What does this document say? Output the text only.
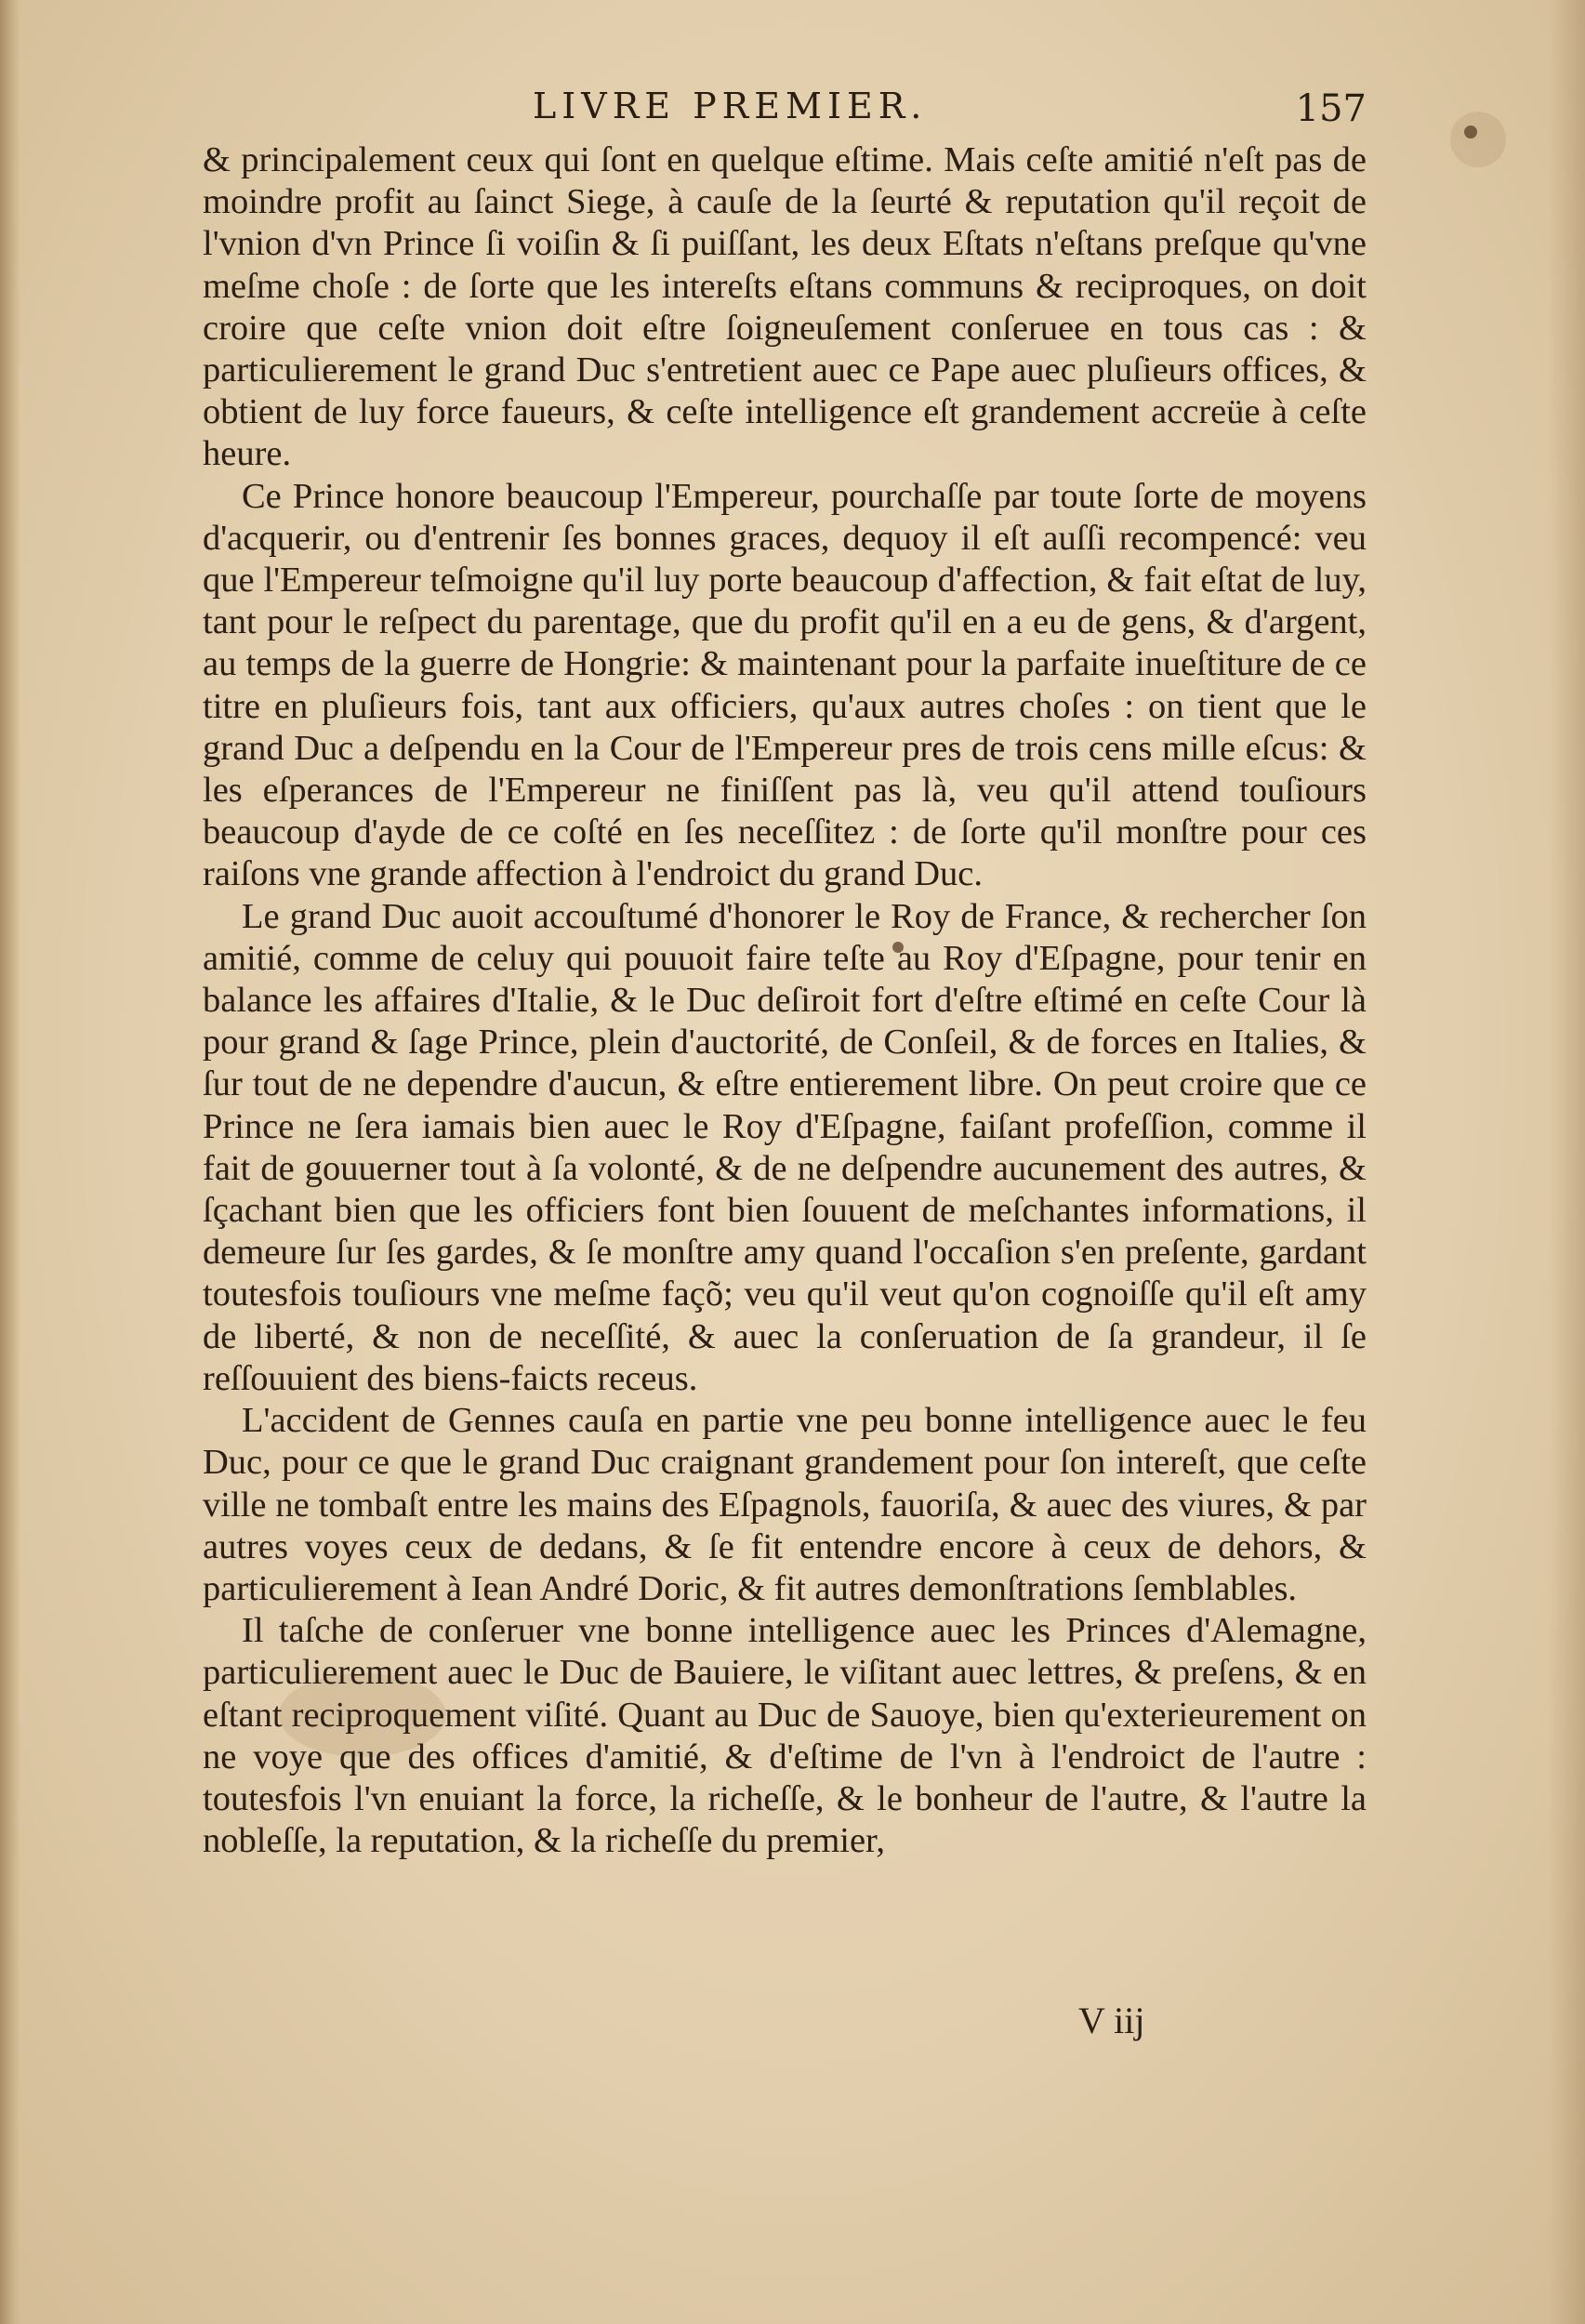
LIVRE PREMIER.	157

& principalement ceux qui ſont en quelque eſtime. Mais ceſte amitié n'eſt pas de moindre profit au ſainct Siege, à cauſe de la ſeurté & reputation qu'il reçoit de l'vnion d'vn Prince ſi voiſin & ſi puiſſant, les deux Eſtats n'eſtans preſque qu'vne meſme choſe : de ſorte que les intereſts eſtans communs & reciproques, on doit croire que ceſte vnion doit eſtre ſoigneuſement conſeruee en tous cas : & particulierement le grand Duc s'entretient auec ce Pape auec pluſieurs offices, & obtient de luy force faueurs, & ceſte intelligence eſt grandement accreüe à ceſte heure.

Ce Prince honore beaucoup l'Empereur, pourchaſſe par toute ſorte de moyens d'acquerir, ou d'entrenir ſes bonnes graces, dequoy il eſt auſſi recompencé: veu que l'Empereur teſmoigne qu'il luy porte beaucoup d'affection, & fait eſtat de luy, tant pour le reſpect du parentage, que du profit qu'il en a eu de gens, & d'argent, au temps de la guerre de Hongrie: & maintenant pour la parfaite inueſtiture de ce titre en pluſieurs fois, tant aux officiers, qu'aux autres choſes : on tient que le grand Duc a deſpendu en la Cour de l'Empereur pres de trois cens mille eſcus: & les eſperances de l'Empereur ne finiſſent pas là, veu qu'il attend touſiours beaucoup d'ayde de ce coſté en ſes neceſſitez : de ſorte qu'il monſtre pour ces raiſons vne grande affection à l'endroict du grand Duc.

Le grand Duc auoit accouſtumé d'honorer le Roy de France, & rechercher ſon amitié, comme de celuy qui pouuoit faire teſte au Roy d'Eſpagne, pour tenir en balance les affaires d'Italie, & le Duc deſiroit fort d'eſtre eſtimé en ceſte Cour là pour grand & ſage Prince, plein d'auctorité, de Conſeil, & de forces en Italies, & ſur tout de ne dependre d'aucun, & eſtre entierement libre. On peut croire que ce Prince ne ſera iamais bien auec le Roy d'Eſpagne, faiſant profeſſion, comme il fait de gouuerner tout à ſa volonté, & de ne deſpendre aucunement des autres, & ſçachant bien que les officiers font bien ſouuent de meſchantes informations, il demeure ſur ſes gardes, & ſe monſtre amy quand l'occaſion s'en preſente, gardant toutesfois touſiours vne meſme façõ; veu qu'il veut qu'on cognoiſſe qu'il eſt amy de liberté, & non de neceſſité, & auec la conſeruation de ſa grandeur, il ſe reſſouuient des biens-faicts receus.

L'accident de Gennes cauſa en partie vne peu bonne intelligence auec le feu Duc, pour ce que le grand Duc craignant grandement pour ſon intereſt, que ceſte ville ne tombaſt entre les mains des Eſpagnols, fauoriſa, & auec des viures, & par autres voyes ceux de dedans, & ſe fit entendre encore à ceux de dehors, & particulierement à Iean André Doric, & fit autres demonſtrations ſemblables.

Il taſche de conſeruer vne bonne intelligence auec les Princes d'Alemagne, particulierement auec le Duc de Bauiere, le viſitant auec lettres, & preſens, & en eſtant reciproquement viſité. Quant au Duc de Sauoye, bien qu'exterieurement on ne voye que des offices d'amitié, & d'eſtime de l'vn à l'endroict de l'autre : toutesfois l'vn enuiant la force, la richeſſe, & le bonheur de l'autre, & l'autre la nobleſſe, la reputation, & la richeſſe du premier,

V iij
